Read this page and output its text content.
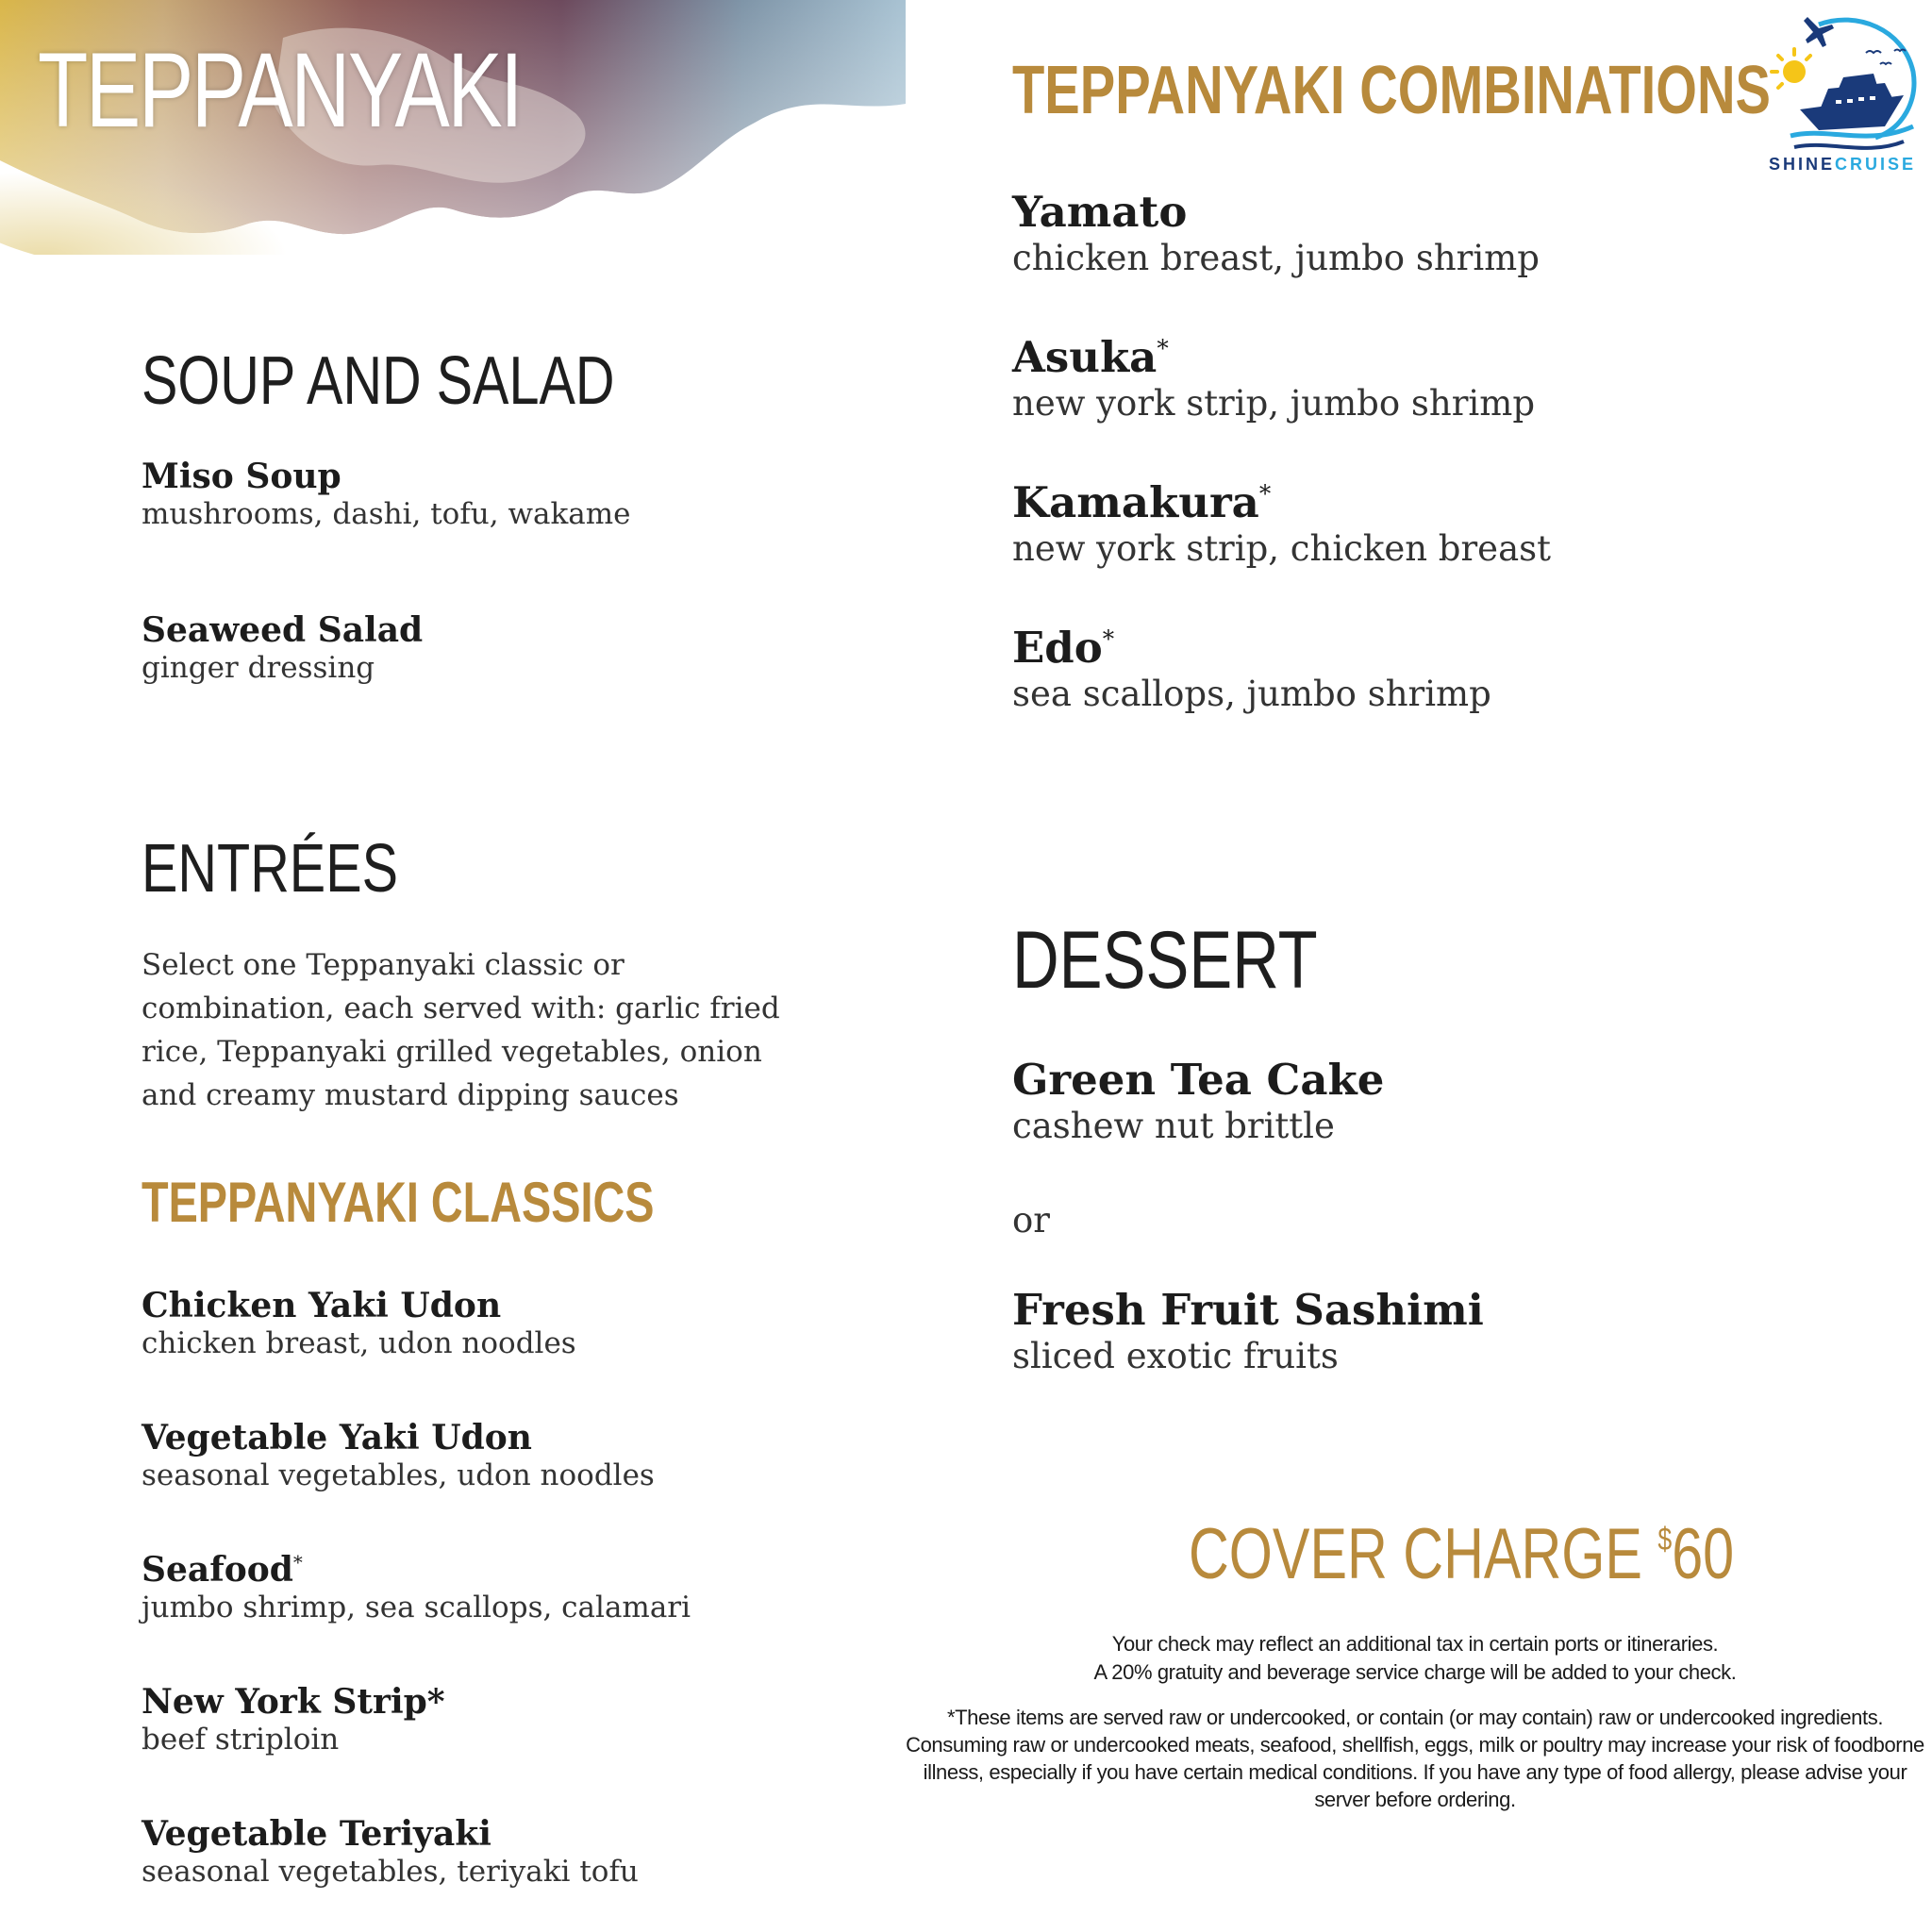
TEPPANYAKI
SHINECRUISE
SOUP AND SALAD
Miso Soup
mushrooms, dashi, tofu, wakame
Seaweed Salad
ginger dressing
ENTRÉES
Select one Teppanyaki classic or combination, each served with: garlic fried rice, Teppanyaki grilled vegetables, onion and creamy mustard dipping sauces
TEPPANYAKI CLASSICS
Chicken Yaki Udon
chicken breast, udon noodles
Vegetable Yaki Udon
seasonal vegetables, udon noodles
Seafood*
jumbo shrimp, sea scallops, calamari
New York Strip*
beef striploin
Vegetable Teriyaki
seasonal vegetables, teriyaki tofu
TEPPANYAKI COMBINATIONS
Yamato
chicken breast, jumbo shrimp
Asuka*
new york strip, jumbo shrimp
Kamakura*
new york strip, chicken breast
Edo*
sea scallops, jumbo shrimp
DESSERT
Green Tea Cake
cashew nut brittle
or
Fresh Fruit Sashimi
sliced exotic fruits
COVER CHARGE $60
Your check may reflect an additional tax in certain ports or itineraries.
A 20% gratuity and beverage service charge will be added to your check.
*These items are served raw or undercooked, or contain (or may contain) raw or undercooked ingredients. Consuming raw or undercooked meats, seafood, shellfish, eggs, milk or poultry may increase your risk of foodborne illness, especially if you have certain medical conditions. If you have any type of food allergy, please advise your server before ordering.
